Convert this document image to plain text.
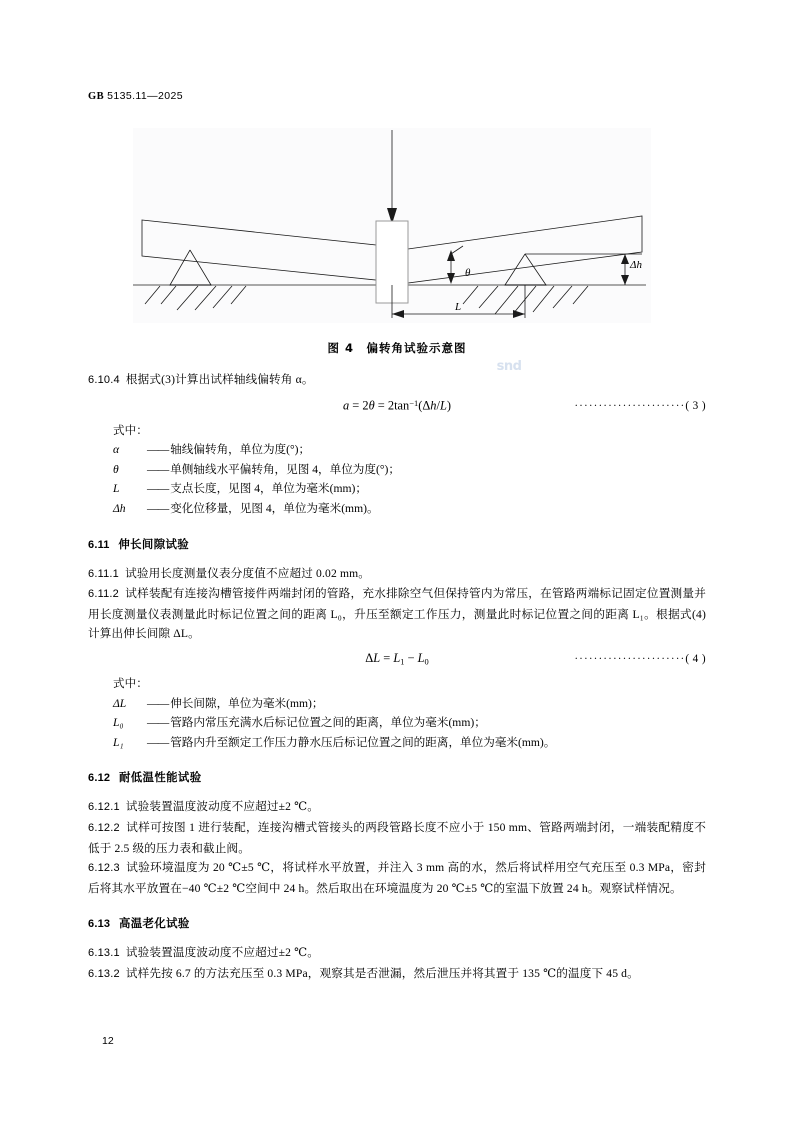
GB 5135.11—2025
θ
Δh
L
snd
图 4　偏转角试验示意图

6.10.4 根据式(3)计算出试样轴线偏转角 α。

$a = 2\theta = 2\tan^{-1}(\Delta h/L)$	·······················( 3 )
式中：
α	—— 轴线偏转角，单位为度(°)；
θ	—— 单侧轴线水平偏转角，见图 4，单位为度(°)；
L	—— 支点长度，见图 4，单位为毫米(mm)；
Δh	—— 变化位移量，见图 4，单位为毫米(mm)。

6.11 伸长间隙试验

6.11.1 试验用长度测量仪表分度值不应超过 0.02 mm。

6.11.2 试样装配有连接沟槽管接件两端封闭的管路，充水排除空气但保持管内为常压，在管路两端标记固定位置测量并用长度测量仪表测量此时标记位置之间的距离 L₀，升压至额定工作压力，测量此时标记位置之间的距离 L₁。根据式(4)计算出伸长间隙 ΔL。

$\Delta L = L_1 - L_0$	·······················( 4 )
式中：
ΔL	—— 伸长间隙，单位为毫米(mm)；
L₀	—— 管路内常压充满水后标记位置之间的距离，单位为毫米(mm)；
L₁	—— 管路内升至额定工作压力静水压后标记位置之间的距离，单位为毫米(mm)。

6.12 耐低温性能试验

6.12.1 试验装置温度波动度不应超过±2 ℃。

6.12.2 试样可按图 1 进行装配，连接沟槽式管接头的两段管路长度不应小于 150 mm、管路两端封闭，一端装配精度不低于 2.5 级的压力表和截止阀。

6.12.3 试验环境温度为 20 ℃±5 ℃，将试样水平放置，并注入 3 mm 高的水，然后将试样用空气充压至 0.3 MPa，密封后将其水平放置在−40 ℃±2 ℃空间中 24 h。然后取出在环境温度为 20 ℃±5 ℃的室温下放置 24 h。观察试样情况。

6.13 高温老化试验

6.13.1 试验装置温度波动度不应超过±2 ℃。

6.13.2 试样先按 6.7 的方法充压至 0.3 MPa，观察其是否泄漏，然后泄压并将其置于 135 ℃的温度下 45 d。

12
